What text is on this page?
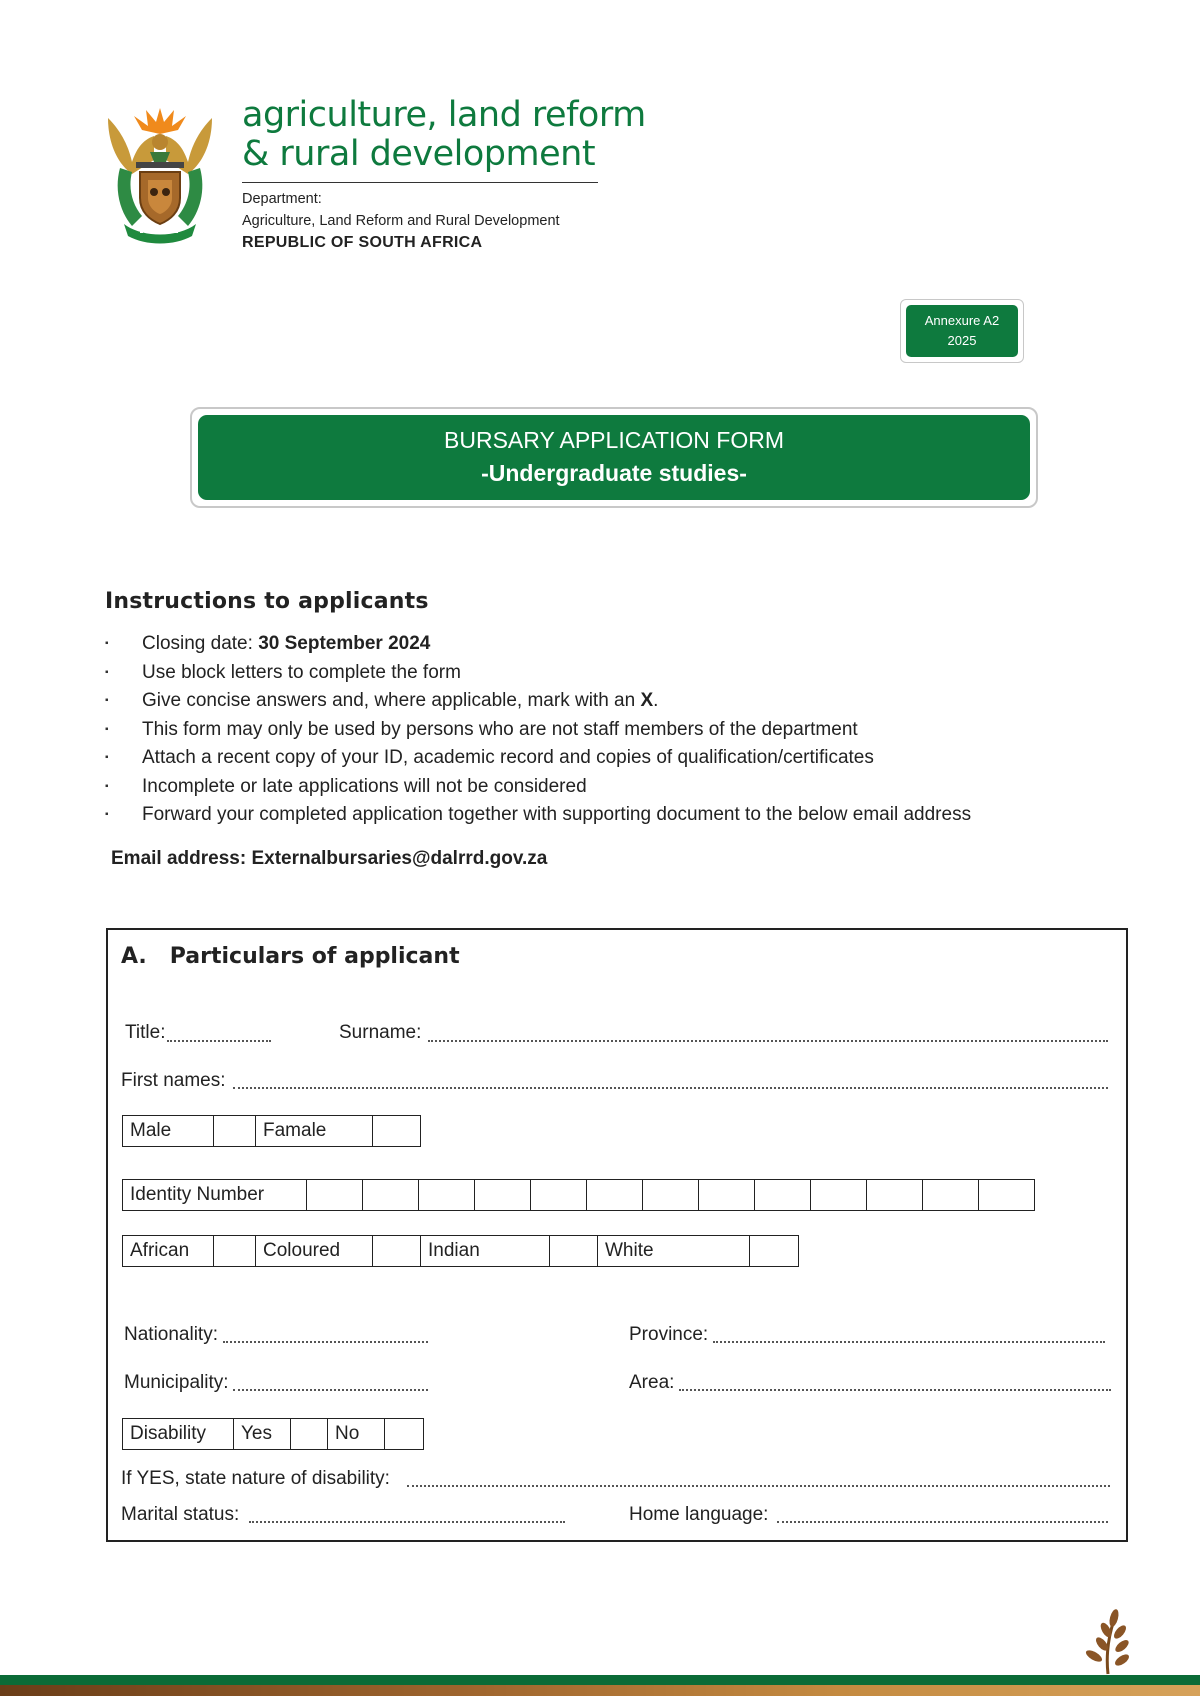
agriculture, land reform
& rural development
Department:
Agriculture, Land Reform and Rural Development
REPUBLIC OF SOUTH AFRICA
Annexure A2
2025
BURSARY APPLICATION FORM
-Undergraduate studies-
Instructions to applicants
▪ Closing date: 30 September 2024
▪ Use block letters to complete the form
▪ Give concise answers and, where applicable, mark with an X.
▪ This form may only be used by persons who are not staff members of the department
▪ Attach a recent copy of your ID, academic record and copies of qualification/certificates
▪ Incomplete or late applications will not be considered
▪ Forward your completed application together with supporting document to the below email address
Email address: Externalbursaries@dalrrd.gov.za
A.   Particulars of applicant
Title:	Surname:
First names:
Male		Famale	
Identity Number													
African		Coloured		Indian		White	
Nationality:	Province:
Municipality:	Area:
Disability	Yes		No	
If YES, state nature of disability:
Marital status:	Home language:
